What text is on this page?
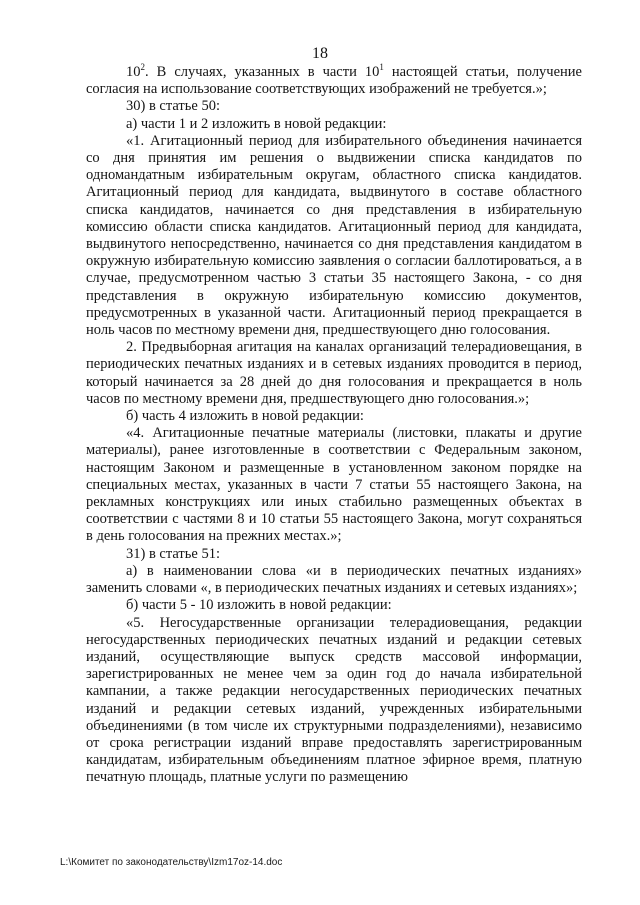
18

$10^2$. В случаях, указанных в части $10^1$ настоящей статьи, получение согласия на использование соответствующих изображений не требуется.»;

30) в статье 50:

а) части 1 и 2 изложить в новой редакции:

«1. Агитационный период для избирательного объединения начинается со дня принятия им решения о выдвижении списка кандидатов по одномандатным избирательным округам, областного списка кандидатов. Агитационный период для кандидата, выдвинутого в составе областного списка кандидатов, начинается со дня представления в избирательную комиссию области списка кандидатов. Агитационный период для кандидата, выдвинутого непосредственно, начинается со дня представления кандидатом в окружную избирательную комиссию заявления о согласии баллотироваться, а в случае, предусмотренном частью 3 статьи 35 настоящего Закона, - со дня представления в окружную избирательную комиссию документов, предусмотренных в указанной части. Агитационный период прекращается в ноль часов по местному времени дня, предшествующего дню голосования.

2. Предвыборная агитация на каналах организаций телерадиовещания, в периодических печатных изданиях и в сетевых изданиях проводится в период, который начинается за 28 дней до дня голосования и прекращается в ноль часов по местному времени дня, предшествующего дню голосования.»;

б) часть 4 изложить в новой редакции:

«4. Агитационные печатные материалы (листовки, плакаты и другие материалы), ранее изготовленные в соответствии с Федеральным законом, настоящим Законом и размещенные в установленном законом порядке на специальных местах, указанных в части 7 статьи 55 настоящего Закона, на рекламных конструкциях или иных стабильно размещенных объектах в соответствии с частями 8 и 10 статьи 55 настоящего Закона, могут сохраняться в день голосования на прежних местах.»;

31) в статье 51:

а) в наименовании слова «и в периодических печатных изданиях» заменить словами «, в периодических печатных изданиях и сетевых изданиях»;

б) части 5 - 10 изложить в новой редакции:

«5. Негосударственные организации телерадиовещания, редакции негосударственных периодических печатных изданий и редакции сетевых изданий, осуществляющие выпуск средств массовой информации, зарегистрированных не менее чем за один год до начала избирательной кампании, а также редакции негосударственных периодических печатных изданий и редакции сетевых изданий, учрежденных избирательными объединениями (в том числе их структурными подразделениями), независимо от срока регистрации изданий вправе предоставлять зарегистрированным кандидатам, избирательным объединениям платное эфирное время, платную печатную площадь, платные услуги по размещению

L:\Комитет по законодательству\Izm17oz-14.doc
